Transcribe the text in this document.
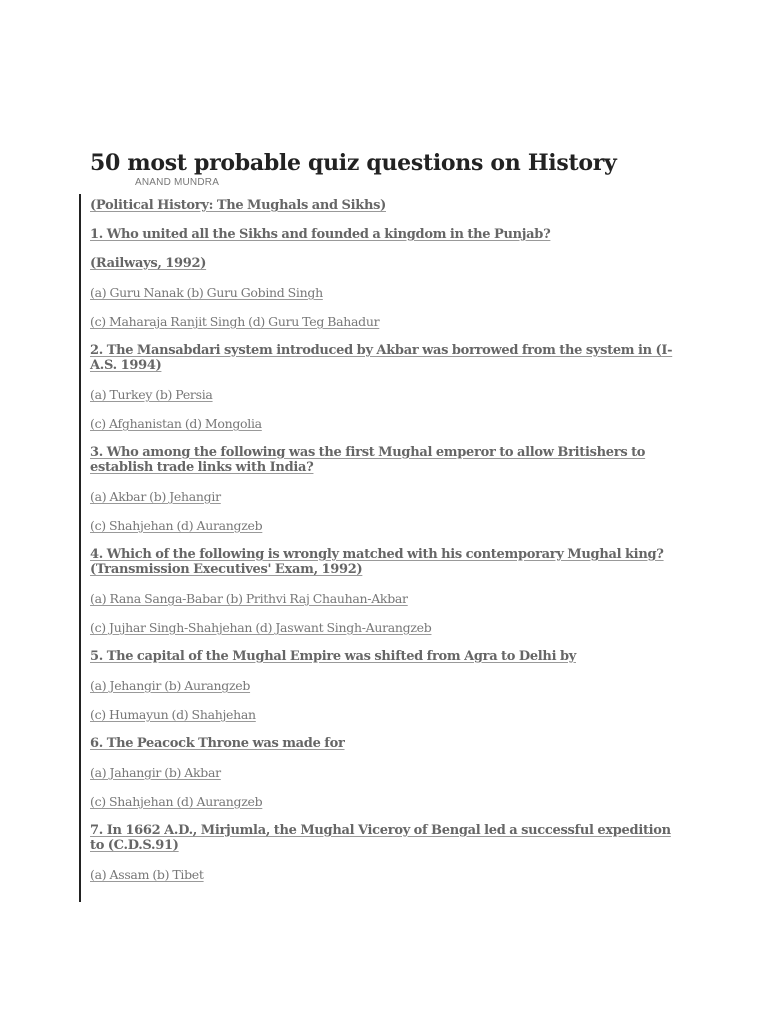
50 most probable quiz questions on History
ANAND MUNDRA

(Political History: The Mughals and Sikhs)

1. Who united all the Sikhs and founded a kingdom in the Punjab?

(Railways, 1992)

(a) Guru Nanak (b) Guru Gobind Singh

(c) Maharaja Ranjit Singh (d) Guru Teg Bahadur

2. The Mansabdari system introduced by Akbar was borrowed from the system in (I-A.S. 1994)

(a) Turkey (b) Persia

(c) Afghanistan (d) Mongolia

3. Who among the following was the first Mughal emperor to allow Britishers to establish trade links with India?

(a) Akbar (b) Jehangir

(c) Shahjehan (d) Aurangzeb

4. Which of the following is wrongly matched with his contemporary Mughal king? (Transmission Executives' Exam, 1992)

(a) Rana Sanga-Babar (b) Prithvi Raj Chauhan-Akbar

(c) Jujhar Singh-Shahjehan (d) Jaswant Singh-Aurangzeb

5. The capital of the Mughal Empire was shifted from Agra to Delhi by

(a) Jehangir (b) Aurangzeb

(c) Humayun (d) Shahjehan

6. The Peacock Throne was made for

(a) Jahangir (b) Akbar

(c) Shahjehan (d) Aurangzeb

7. In 1662 A.D., Mirjumla, the Mughal Viceroy of Bengal led a successful expedition to (C.D.S.91)

(a) Assam (b) Tibet
